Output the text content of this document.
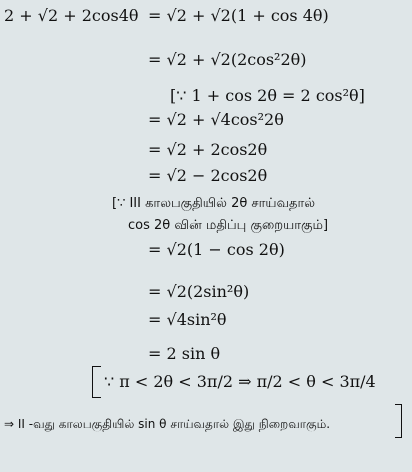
2 + √2 + 2cos4θ = √2 + √2(1 + cos 4θ)
= √2 + √2(2cos²2θ)
[∵ 1 + cos 2θ = 2 cos²θ]
= √2 + √4cos²2θ
= √2 + 2cos2θ
= √2 − 2cos2θ
[∵ III காலபகுதியில் 2θ சாய்வதால்
cos 2θ வின் மதிப்பு குறையாகும்]
= √2(1 − cos 2θ)
= √2(2sin²θ)
= √4sin²θ
= 2 sin θ
∵ π < 2θ < 3π/2 ⇒ π/2 < θ < 3π/4
⇒ II -வது காலபகுதியில் sin θ சாய்வதால் இது நிறைவாகும்.
